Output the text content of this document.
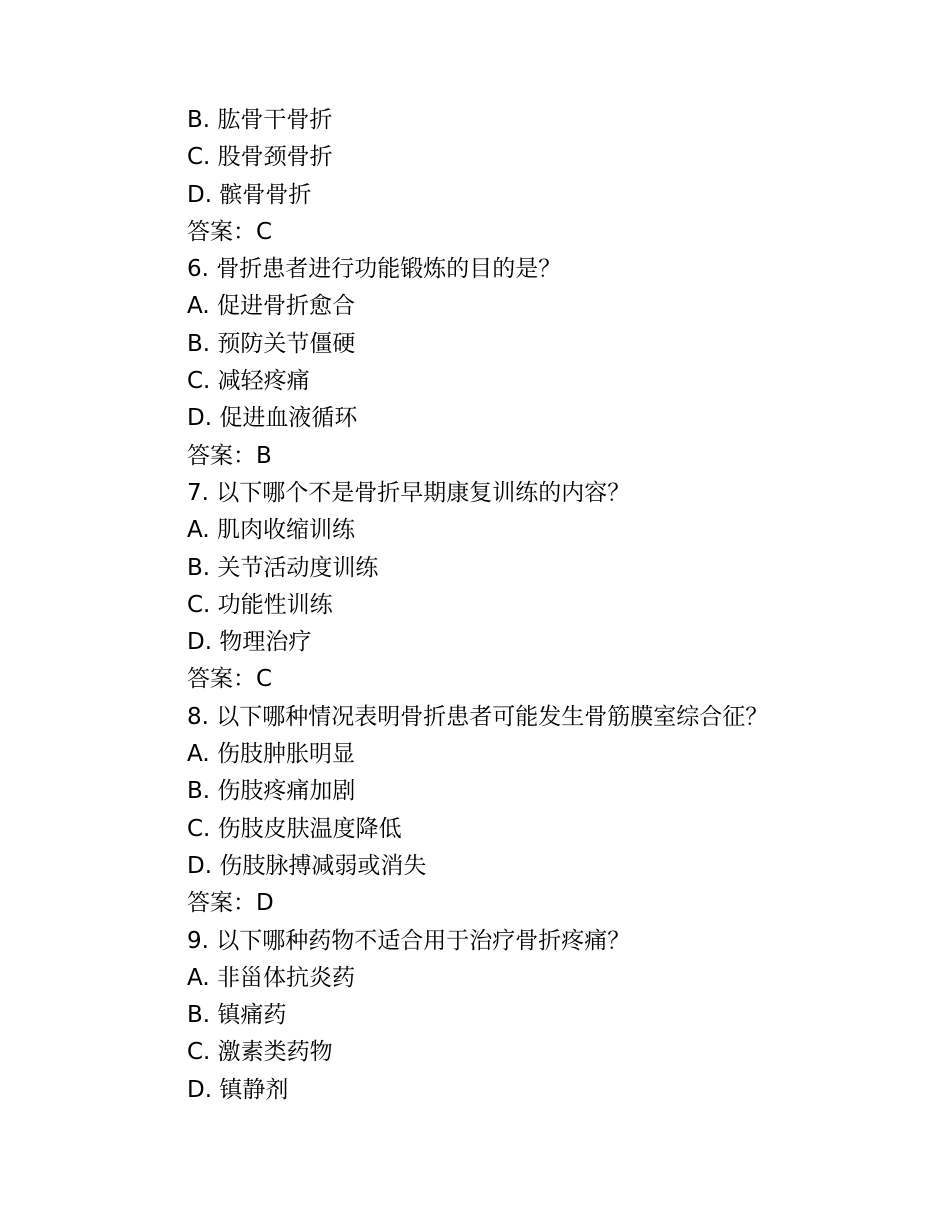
B. 肱骨干骨折
C. 股骨颈骨折
D. 髌骨骨折
答案：C
6. 骨折患者进行功能锻炼的目的是？
A. 促进骨折愈合
B. 预防关节僵硬
C. 减轻疼痛
D. 促进血液循环
答案：B
7. 以下哪个不是骨折早期康复训练的内容？
A. 肌肉收缩训练
B. 关节活动度训练
C. 功能性训练
D. 物理治疗
答案：C
8. 以下哪种情况表明骨折患者可能发生骨筋膜室综合征？
A. 伤肢肿胀明显
B. 伤肢疼痛加剧
C. 伤肢皮肤温度降低
D. 伤肢脉搏减弱或消失
答案：D
9. 以下哪种药物不适合用于治疗骨折疼痛？
A. 非甾体抗炎药
B. 镇痛药
C. 激素类药物
D. 镇静剂
